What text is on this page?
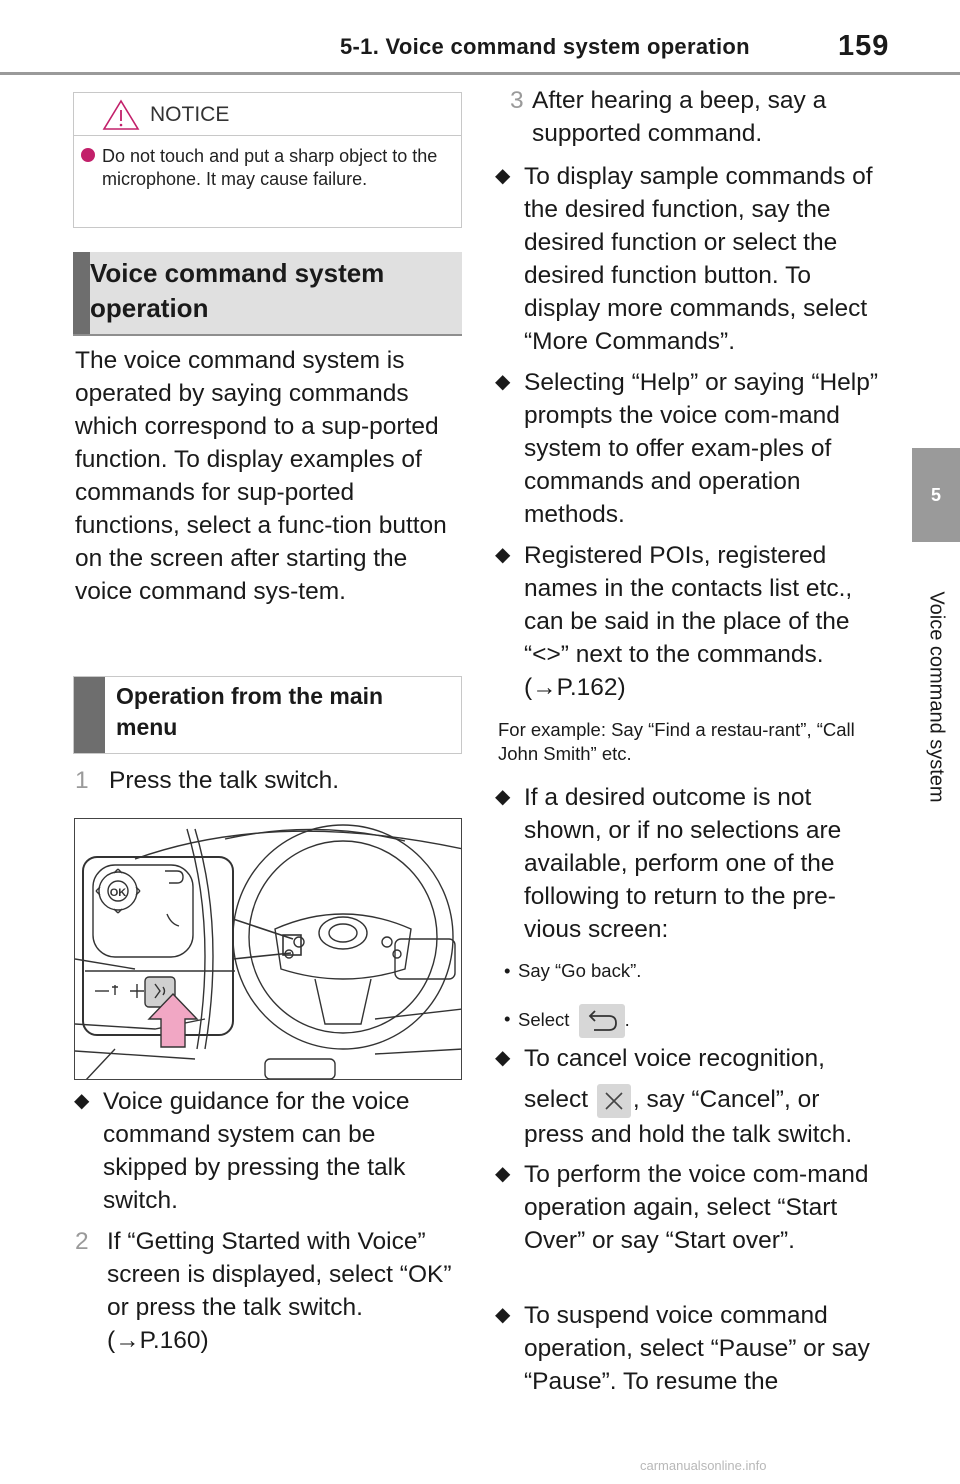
5-1. Voice command system operation	159
5
Voice command system
NOTICE
Do not touch and put a sharp object to the microphone. It may cause failure.
Voice command system
operation
The voice command system is operated by saying commands which correspond to a sup-ported function. To display examples of commands for sup-ported functions, select a func-tion button on the screen after starting the voice command sys-tem.
Operation from the main
menu
1 Press the talk switch.
OK
◆ Voice guidance for the voice command system can be skipped by pressing the talk switch.
2 If “Getting Started with Voice” screen is displayed, select “OK” or press the talk switch.
(→P.160)
3 After hearing a beep, say a supported command.
◆ To display sample commands of the desired function, say the desired function or select the desired function button. To display more commands, select “More Commands”.
◆ Selecting “Help” or saying “Help” prompts the voice com-mand system to offer exam-ples of commands and operation methods.
◆ Registered POIs, registered names in the contacts list etc., can be said in the place of the “<>” next to the commands.
(→P.162)
For example: Say “Find a restau-rant”, “Call John Smith” etc.
◆ If a desired outcome is not shown, or if no selections are available, perform one of the following to return to the pre-vious screen:
• Say “Go back”.
• Select	.
◆ To cancel voice recognition,
select , say “Cancel”, or
press and hold the talk switch.
◆ To perform the voice com-mand operation again, select “Start Over” or say “Start over”.
◆ To suspend voice command operation, select “Pause” or say “Pause”. To resume the
carmanualsonline.info
